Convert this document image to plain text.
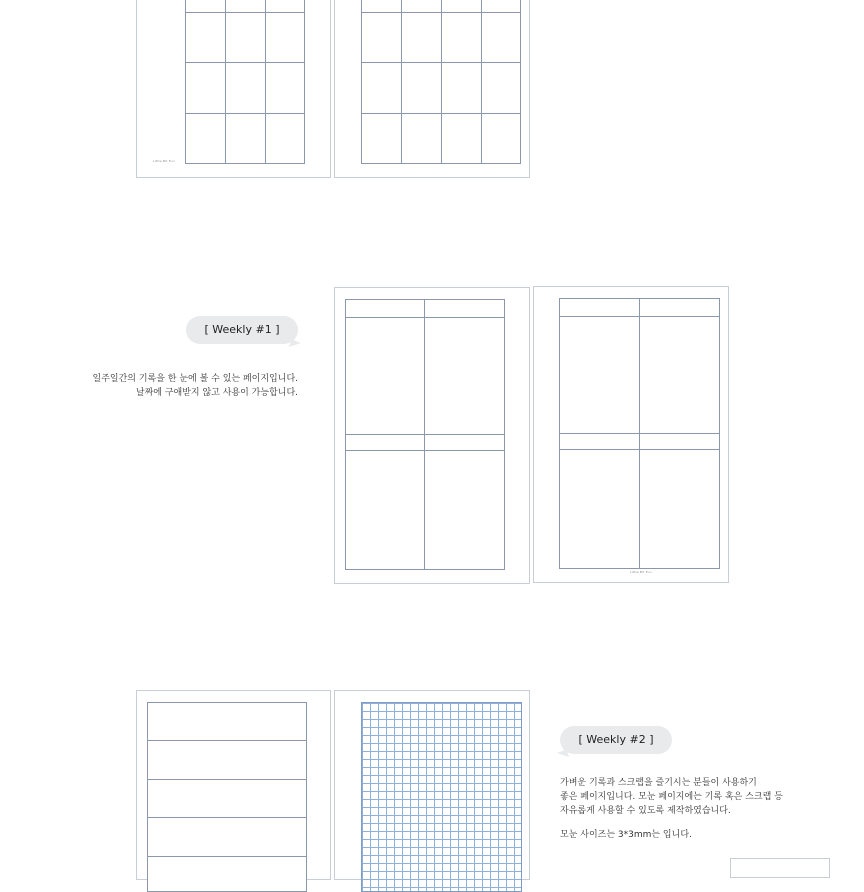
Little Bit Fun
[ Weekly #1 ]
일주일간의 기록을 한 눈에 볼 수 있는 페이지입니다.
날짜에 구애받지 않고 사용이 가능합니다.
Little Bit Fun
[ Weekly #2 ]
가벼운 기록과 스크랩을 즐기시는 분들이 사용하기
좋은 페이지입니다. 모눈 페이지에는 기록 혹은 스크랩 등
자유롭게 사용할 수 있도록 제작하였습니다.
모눈 사이즈는 3*3mm는 입니다.
